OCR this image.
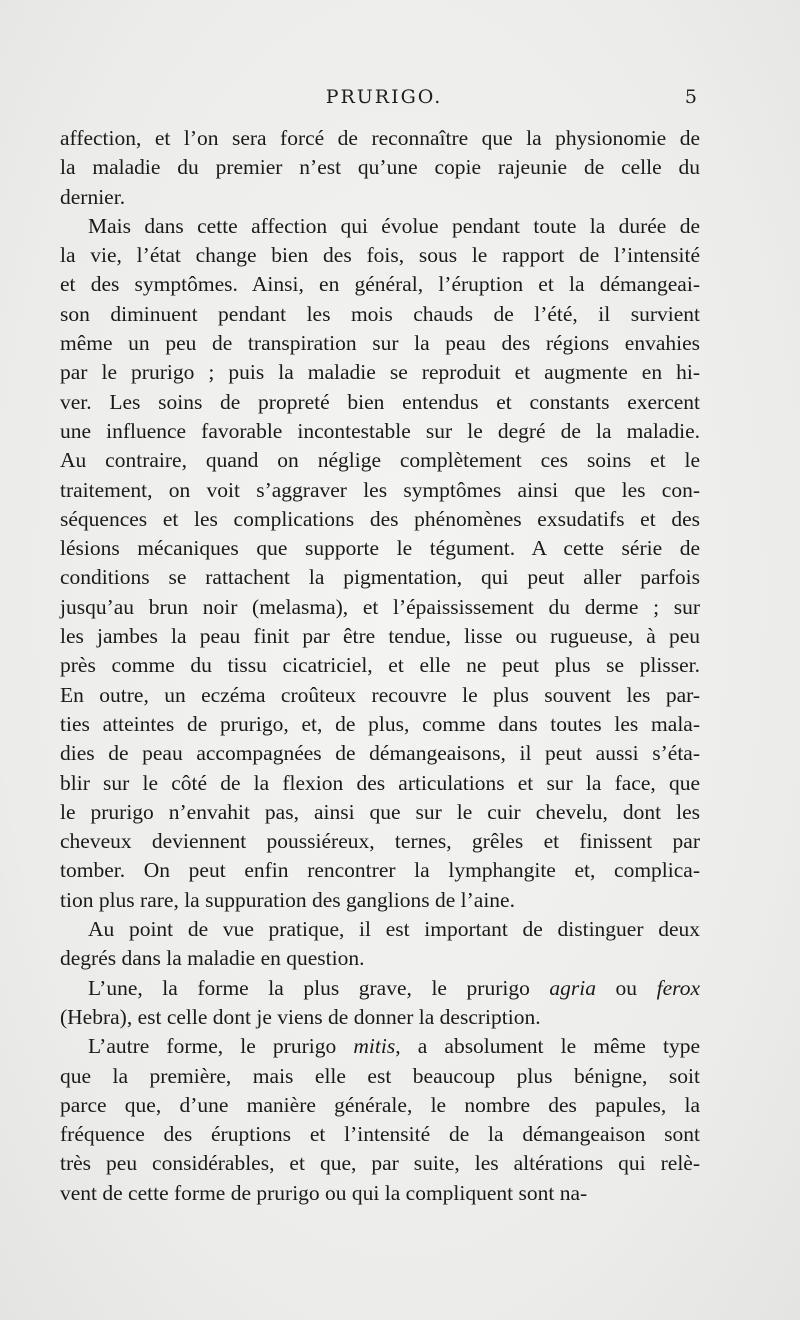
PRURIGO.	5

affection, et l’on sera forcé de reconnaître que la physionomie de
la maladie du premier n’est qu’une copie rajeunie de celle du
dernier.

Mais dans cette affection qui évolue pendant toute la durée de
la vie, l’état change bien des fois, sous le rapport de l’intensité
et des symptômes. Ainsi, en général, l’éruption et la démangeai-
son diminuent pendant les mois chauds de l’été, il survient
même un peu de transpiration sur la peau des régions envahies
par le prurigo ; puis la maladie se reproduit et augmente en hi-
ver. Les soins de propreté bien entendus et constants exercent
une influence favorable incontestable sur le degré de la maladie.
Au contraire, quand on néglige complètement ces soins et le
traitement, on voit s’aggraver les symptômes ainsi que les con-
séquences et les complications des phénomènes exsudatifs et des
lésions mécaniques que supporte le tégument. A cette série de
conditions se rattachent la pigmentation, qui peut aller parfois
jusqu’au brun noir (melasma), et l’épaississement du derme ; sur
les jambes la peau finit par être tendue, lisse ou rugueuse, à peu
près comme du tissu cicatriciel, et elle ne peut plus se plisser.
En outre, un eczéma croûteux recouvre le plus souvent les par-
ties atteintes de prurigo, et, de plus, comme dans toutes les mala-
dies de peau accompagnées de démangeaisons, il peut aussi s’éta-
blir sur le côté de la flexion des articulations et sur la face, que
le prurigo n’envahit pas, ainsi que sur le cuir chevelu, dont les
cheveux deviennent poussiéreux, ternes, grêles et finissent par
tomber. On peut enfin rencontrer la lymphangite et, complica-
tion plus rare, la suppuration des ganglions de l’aine.

Au point de vue pratique, il est important de distinguer deux
degrés dans la maladie en question.

L’une, la forme la plus grave, le prurigo agria ou ferox
(Hebra), est celle dont je viens de donner la description.

L’autre forme, le prurigo mitis, a absolument le même type
que la première, mais elle est beaucoup plus bénigne, soit
parce que, d’une manière générale, le nombre des papules, la
fréquence des éruptions et l’intensité de la démangeaison sont
très peu considérables, et que, par suite, les altérations qui relè-
vent de cette forme de prurigo ou qui la compliquent sont na-
